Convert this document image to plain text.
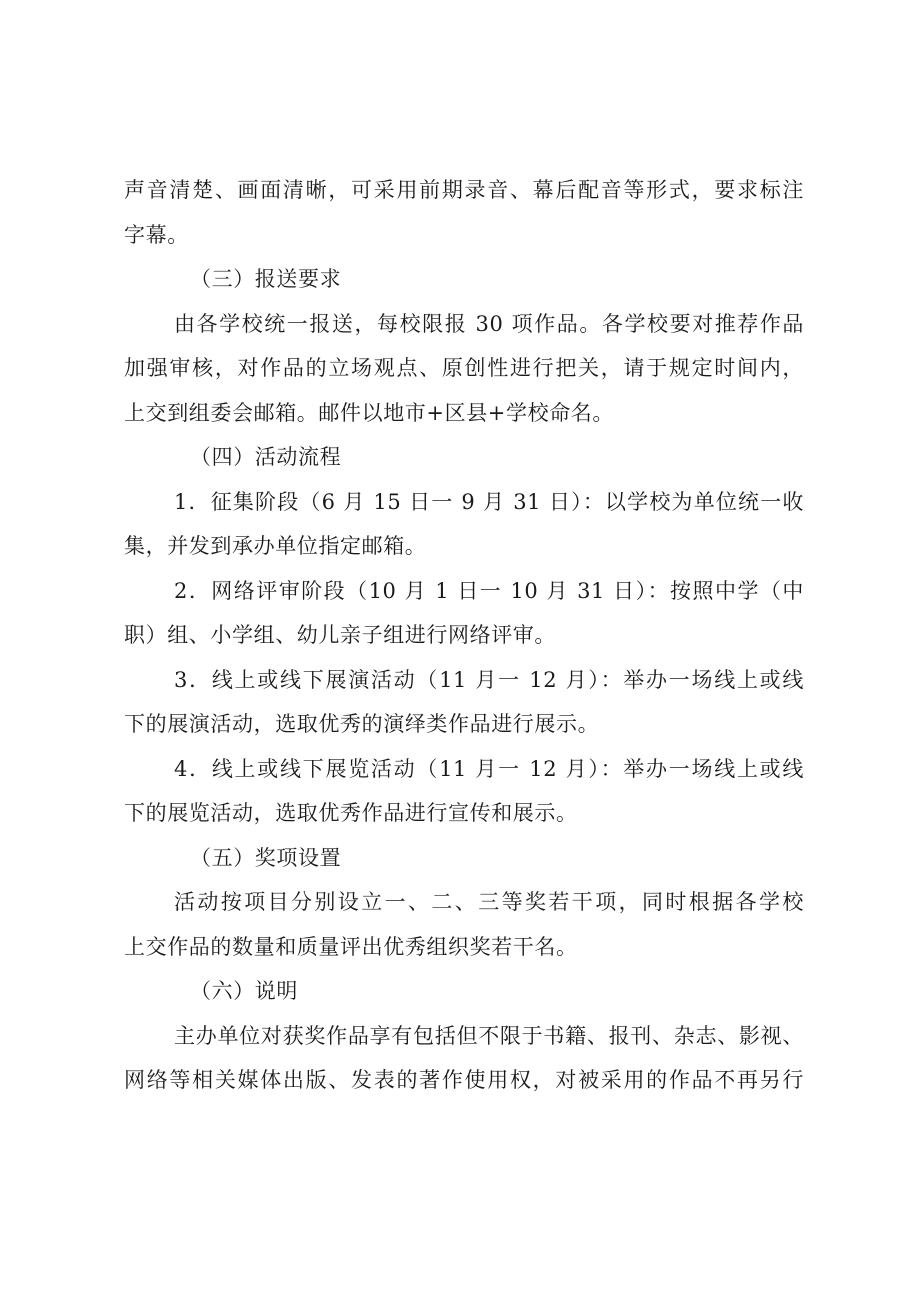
声音清楚、画面清晰，可采用前期录音、幕后配音等形式，要求标注
字幕。
（三）报送要求
由各学校统一报送，每校限报 30 项作品。各学校要对推荐作品
加强审核，对作品的立场观点、原创性进行把关，请于规定时间内，
上交到组委会邮箱。邮件以地市+区县+学校命名。
（四）活动流程
1．征集阶段（6 月 15 日一 9 月 31 日）：以学校为单位统一收
集，并发到承办单位指定邮箱。
2．网络评审阶段（10 月 1 日一 10 月 31 日）：按照中学（中
职）组、小学组、幼儿亲子组进行网络评审。
3．线上或线下展演活动（11 月一 12 月）：举办一场线上或线
下的展演活动，选取优秀的演绎类作品进行展示。
4．线上或线下展览活动（11 月一 12 月）：举办一场线上或线
下的展览活动，选取优秀作品进行宣传和展示。
（五）奖项设置
活动按项目分别设立一、二、三等奖若干项，同时根据各学校
上交作品的数量和质量评出优秀组织奖若干名。
（六）说明
主办单位对获奖作品享有包括但不限于书籍、报刊、杂志、影视、
网络等相关媒体出版、发表的著作使用权，对被采用的作品不再另行
